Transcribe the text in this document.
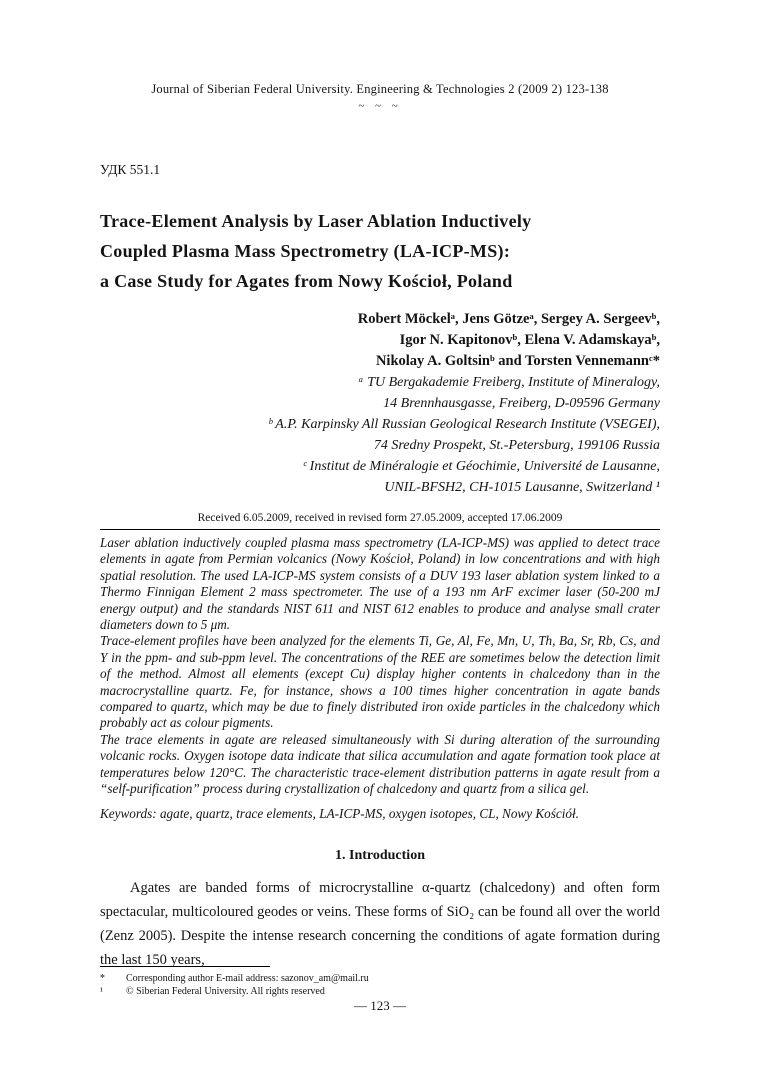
Journal of Siberian Federal University. Engineering & Technologies 2 (2009 2) 123-138
~ ~ ~
УДК 551.1
Trace-Element Analysis by Laser Ablation Inductively
Coupled Plasma Mass Spectrometry (LA-ICP-MS):
a Case Study for Agates from Nowy Kościoł, Poland
Robert Möckelᵃ, Jens Götzeᵃ, Sergey A. Sergeevᵇ,
Igor N. Kapitonovᵇ, Elena V. Adamskayaᵇ,
Nikolay A. Goltsinᵇ and Torsten Vennemannᶜ*
ᵃ TU Bergakademie Freiberg, Institute of Mineralogy,
14 Brennhausgasse, Freiberg, D-09596 Germany
ᵇ A.P. Karpinsky All Russian Geological Research Institute (VSEGEI),
74 Sredny Prospekt, St.-Petersburg, 199106 Russia
ᶜ Institut de Minéralogie et Géochimie, Université de Lausanne,
UNIL-BFSH2, CH-1015 Lausanne, Switzerland ¹
Received 6.05.2009, received in revised form 27.05.2009, accepted 17.06.2009

Laser ablation inductively coupled plasma mass spectrometry (LA-ICP-MS) was applied to detect trace elements in agate from Permian volcanics (Nowy Kościoł, Poland) in low concentrations and with high spatial resolution. The used LA-ICP-MS system consists of a DUV 193 laser ablation system linked to a Thermo Finnigan Element 2 mass spectrometer. The use of a 193 nm ArF excimer laser (50-200 mJ energy output) and the standards NIST 611 and NIST 612 enables to produce and analyse small crater diameters down to 5 μm.

Trace-element profiles have been analyzed for the elements Ti, Ge, Al, Fe, Mn, U, Th, Ba, Sr, Rb, Cs, and Y in the ppm- and sub-ppm level. The concentrations of the REE are sometimes below the detection limit of the method. Almost all elements (except Cu) display higher contents in chalcedony than in the macrocrystalline quartz. Fe, for instance, shows a 100 times higher concentration in agate bands compared to quartz, which may be due to finely distributed iron oxide particles in the chalcedony which probably act as colour pigments.

The trace elements in agate are released simultaneously with Si during alteration of the surrounding volcanic rocks. Oxygen isotope data indicate that silica accumulation and agate formation took place at temperatures below 120°C. The characteristic trace-element distribution patterns in agate result from a “self-purification” process during crystallization of chalcedony and quartz from a silica gel.

Keywords: agate, quartz, trace elements, LA-ICP-MS, oxygen isotopes, CL, Nowy Kościół.
1. Introduction

Agates are banded forms of microcrystalline α-quartz (chalcedony) and often form spectacular, multicoloured geodes or veins. These forms of SiO₂ can be found all over the world (Zenz 2005). Despite the intense research concerning the conditions of agate formation during the last 150 years,

*	Corresponding author E-mail address: sazonov_am@mail.ru
¹	© Siberian Federal University. All rights reserved
— 123 —
